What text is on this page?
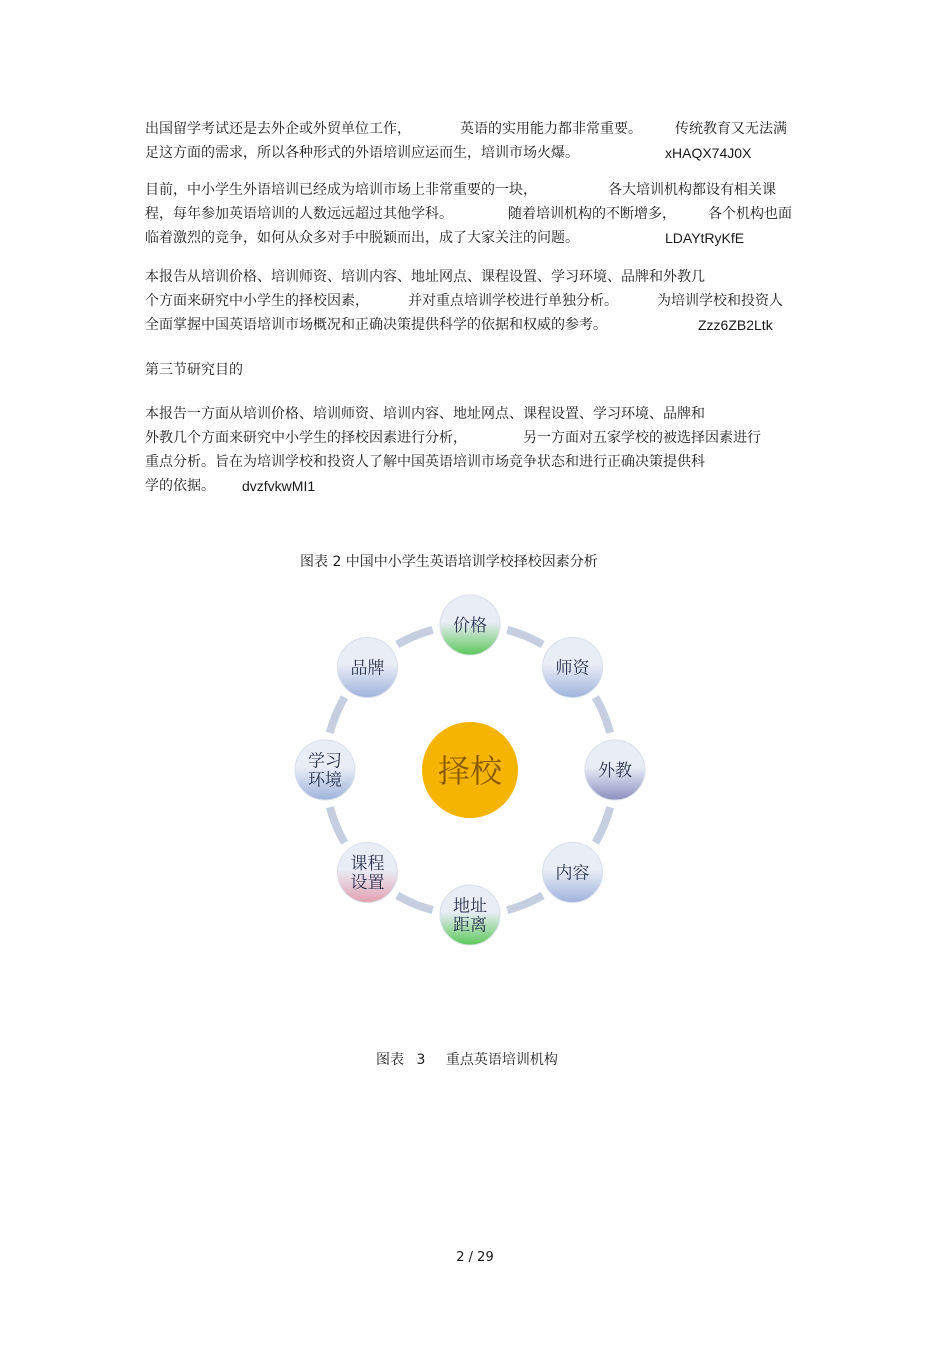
出国留学考试还是去外企或外贸单位工作，	英语的实用能力都非常重要。 传统教育又无法满
足这方面的需求，所以各种形式的外语培训应运而生，培训市场火爆。	xHAQX74J0X
目前，中小学生外语培训已经成为培训市场上非常重要的一块，	各大培训机构都设有相关课
程，每年参加英语培训的人数远远超过其他学科。	随着培训机构的不断增多， 各个机构也面
临着激烈的竞争，如何从众多对手中脱颖而出，成了大家关注的问题。	LDAYtRyKfE
本报告从培训价格、培训师资、培训内容、地址网点、课程设置、学习环境、品牌和外教几
个方面来研究中小学生的择校因素，	并对重点培训学校进行单独分析。	为培训学校和投资人
全面掌握中国英语培训市场概况和正确决策提供科学的依据和权威的参考。	Zzz6ZB2Ltk
第三节研究目的
本报告一方面从培训价格、培训师资、培训内容、地址网点、课程设置、学习环境、品牌和
外教几个方面来研究中小学生的择校因素进行分析，	另一方面对五家学校的被选择因素进行
重点分析。旨在为培训学校和投资人了解中国英语培训市场竞争状态和进行正确决策提供科
学的依据。 dvzfvkwMI1
图表 2 中国中小学生英语培训学校择校因素分析
择校
价格
师资
外教
内容
地址
距离
课程
设置
学习
环境
品牌
图表 3 重点英语培训机构
2 / 29
